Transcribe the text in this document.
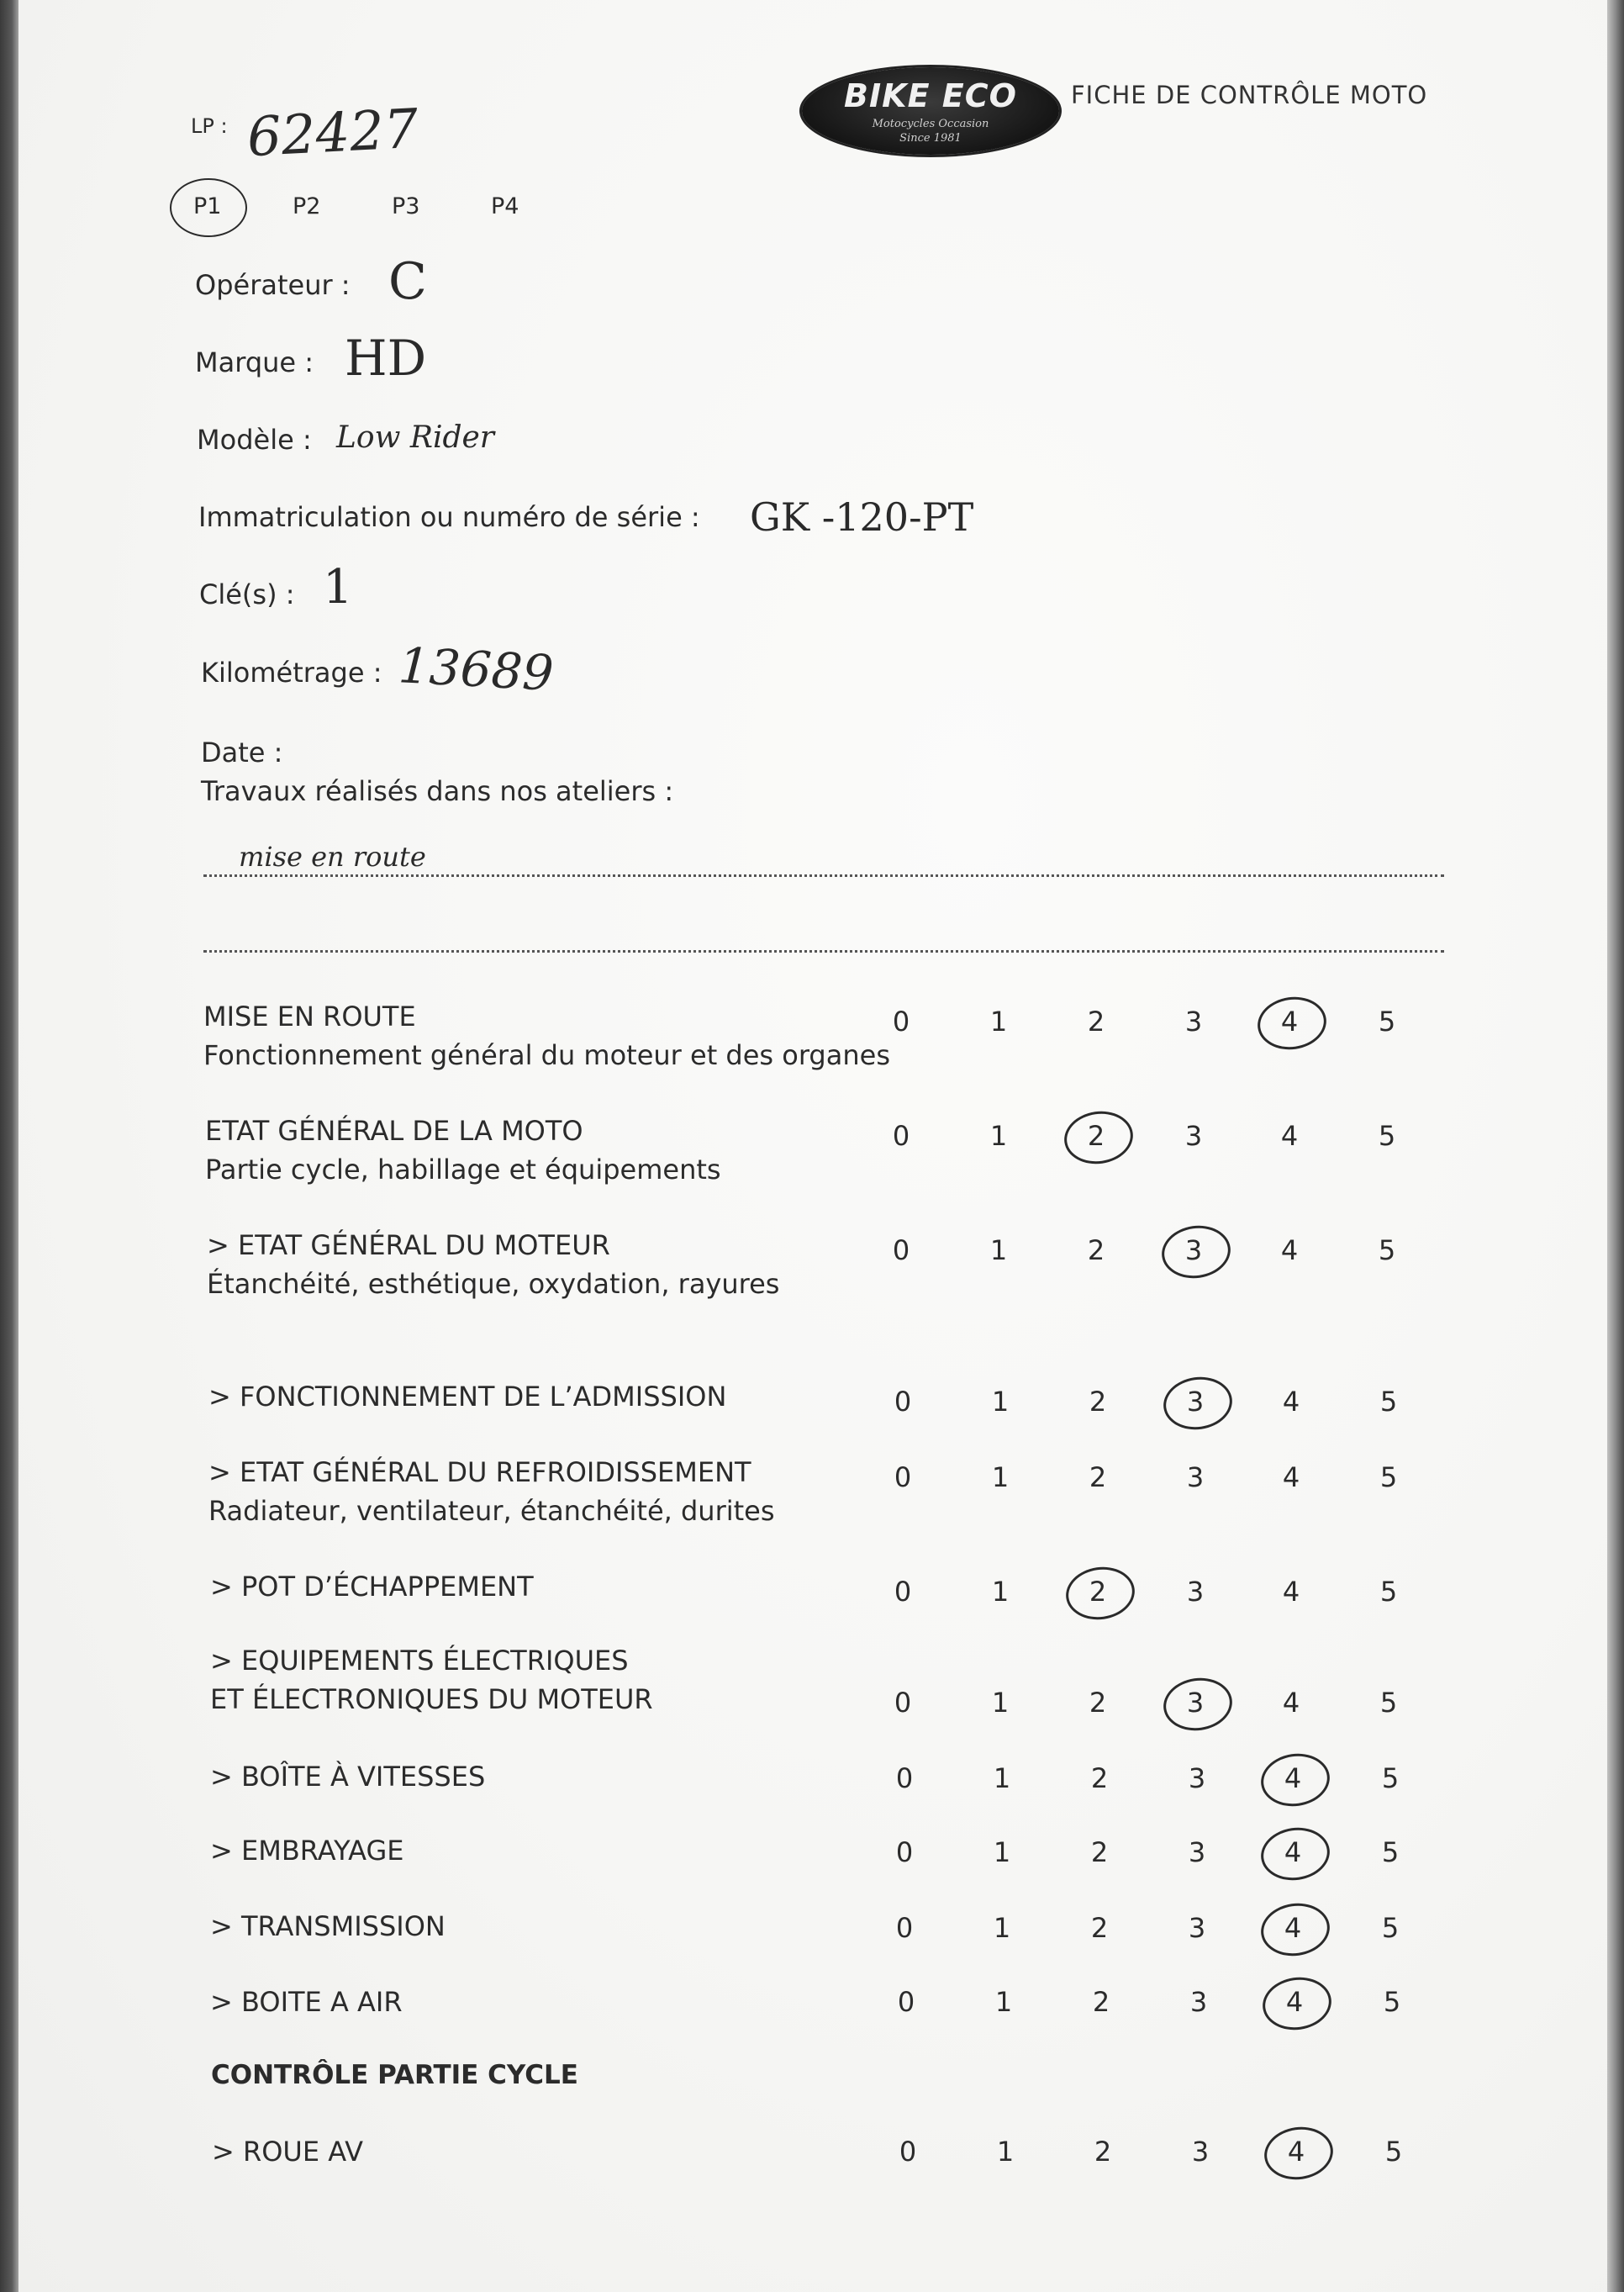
BIKE ECO
Motocycles Occasion
Since 1981
FICHE DE CONTRÔLE MOTO
LP : 62427
P1	P2	P3	P4
Opérateur : C
Marque : HD
Modèle : Low Rider
Immatriculation ou numéro de série : GK -120-PT
Clé(s) : 1
Kilométrage : 13689
Date :
Travaux réalisés dans nos ateliers :
mise en route
MISE EN ROUTE
Fonctionnement général du moteur et des organes
0	1	2	3	4	5
ETAT GÉNÉRAL DE LA MOTO
Partie cycle, habillage et équipements
0	1	2	3	4	5
> ETAT GÉNÉRAL DU MOTEUR
Étanchéité, esthétique, oxydation, rayures
0	1	2	3	4	5
> FONCTIONNEMENT DE L’ADMISSION	0	1	2	3	4	5
> ETAT GÉNÉRAL DU REFROIDISSEMENT
Radiateur, ventilateur, étanchéité, durites
0	1	2	3	4	5
> POT D’ÉCHAPPEMENT	0	1	2	3	4	5
> EQUIPEMENTS ÉLECTRIQUES
ET ÉLECTRONIQUES DU MOTEUR	0	1	2	3	4	5
> BOÎTE À VITESSES	0	1	2	3	4	5
> EMBRAYAGE	0	1	2	3	4	5
> TRANSMISSION	0	1	2	3	4	5
> BOITE A AIR	0	1	2	3	4	5
CONTRÔLE PARTIE CYCLE
> ROUE AV	0	1	2	3	4	5
